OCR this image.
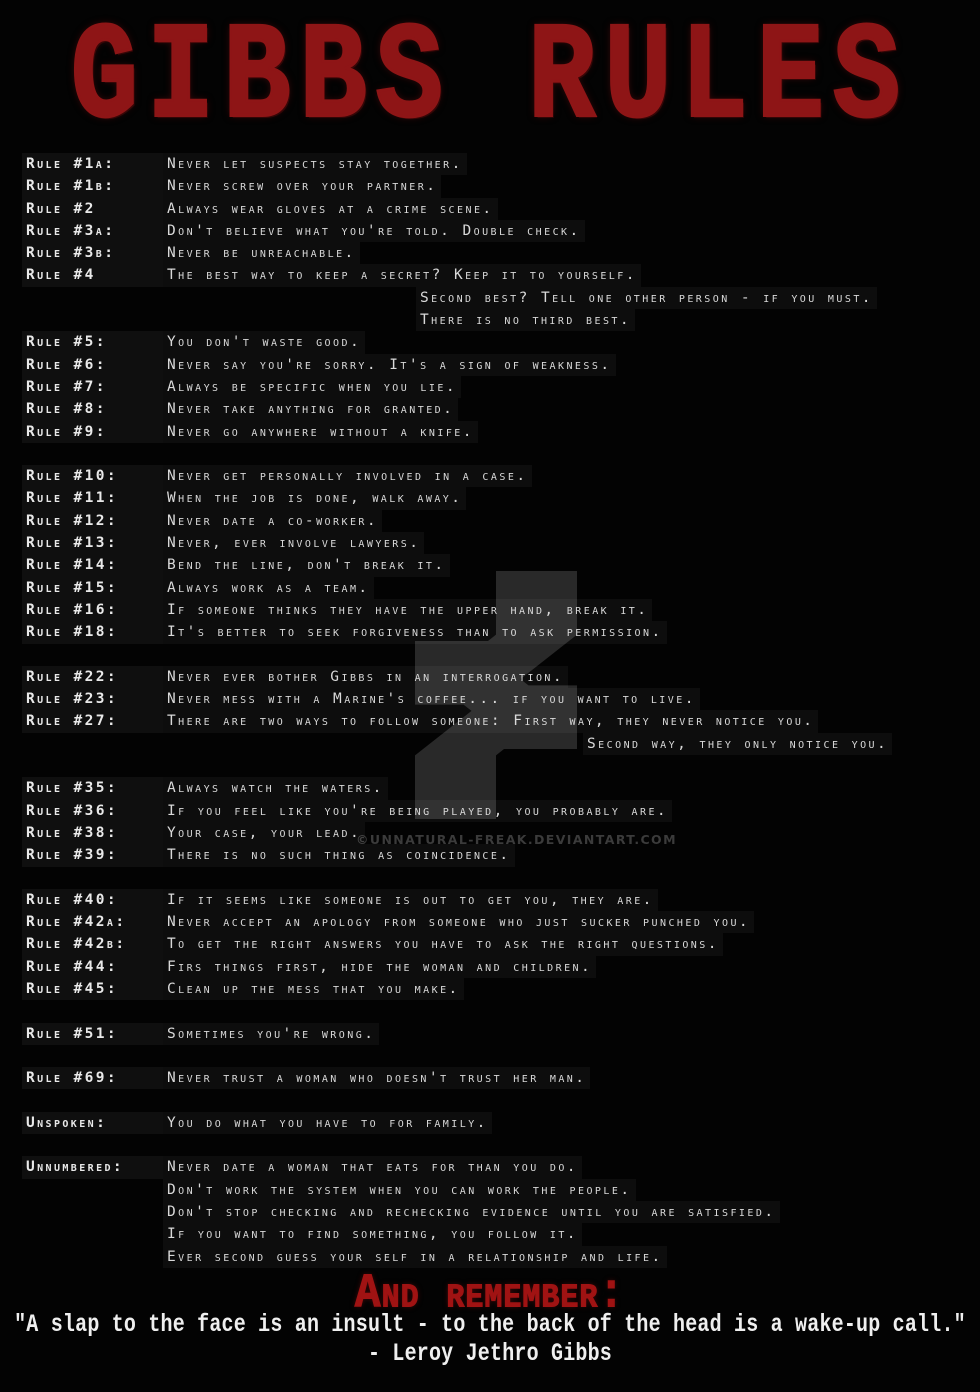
GIBBS RULES
©UNNATURAL-FREAK.DEVIANTART.COM
Rule #1a:	Never let suspects stay together.
Rule #1b:	Never screw over your partner.
Rule #2	Always wear gloves at a crime scene.
Rule #3a:	Don't believe what you're told. Double check.
Rule #3b:	Never be unreachable.
Rule #4	The best way to keep a secret? Keep it to yourself.
Second best? Tell one other person - if you must.
There is no third best.
Rule #5:	You don't waste good.
Rule #6:	Never say you're sorry. It's a sign of weakness.
Rule #7:	Always be specific when you lie.
Rule #8:	Never take anything for granted.
Rule #9:	Never go anywhere without a knife.
Rule #10:	Never get personally involved in a case.
Rule #11:	When the job is done, walk away.
Rule #12:	Never date a co-worker.
Rule #13:	Never, ever involve lawyers.
Rule #14:	Bend the line, don't break it.
Rule #15:	Always work as a team.
Rule #16:	If someone thinks they have the upper hand, break it.
Rule #18:	It's better to seek forgiveness than to ask permission.
Rule #22:	Never ever bother Gibbs in an interrogation.
Rule #23:	Never mess with a Marine's coffee... if you want to live.
Rule #27:	There are two ways to follow someone: First way, they never notice you.
Second way, they only notice you.
Rule #35:	Always watch the waters.
Rule #36:	If you feel like you're being played, you probably are.
Rule #38:	Your case, your lead.
Rule #39:	There is no such thing as coincidence.
Rule #40:	If it seems like someone is out to get you, they are.
Rule #42a:	Never accept an apology from someone who just sucker punched you.
Rule #42b:	To get the right answers you have to ask the right questions.
Rule #44:	Firs things first, hide the woman and children.
Rule #45:	Clean up the mess that you make.
Rule #51:	Sometimes you're wrong.
Rule #69:	Never trust a woman who doesn't trust her man.
Unspoken:	You do what you have to for family.
Unnumbered:	Never date a woman that eats for than you do.
Don't work the system when you can work the people.
Don't stop checking and rechecking evidence until you are satisfied.
If you want to find something, you follow it.
Ever second guess your self in a relationship and life.
And remember:
"A slap to the face is an insult - to the back of the head is a wake-up call."
- Leroy Jethro Gibbs
